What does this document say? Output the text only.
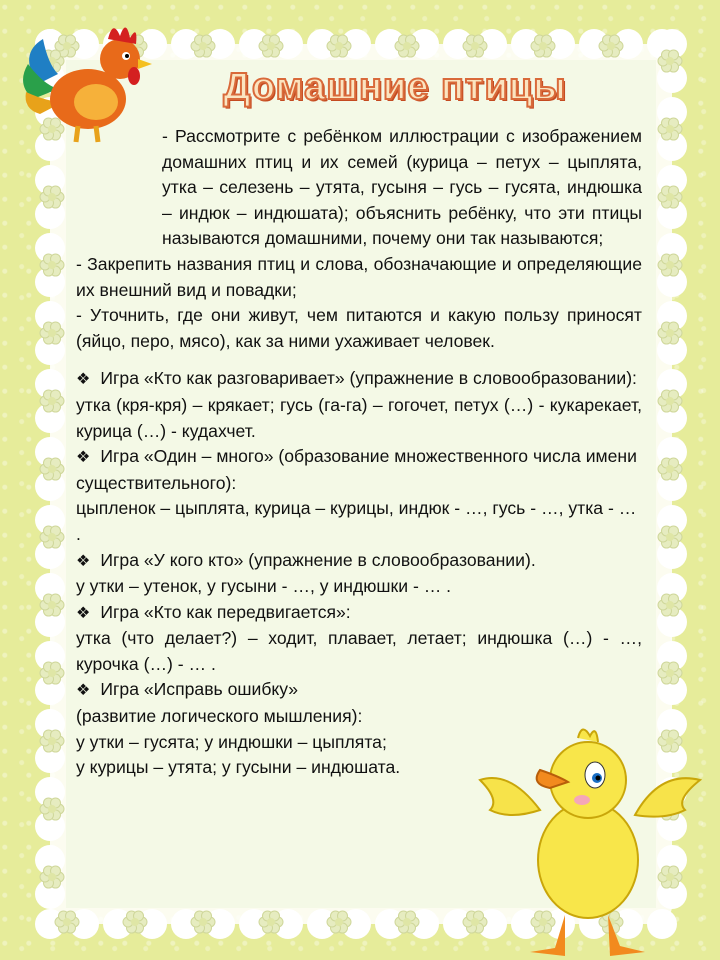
Домашние птицы

- Рассмотрите с ребёнком иллюстрации с изображением домашних птиц и их семей (курица – петух – цыплята, утка – селезень – утята, гусыня – гусь – гусята, индюшка – индюк – индюшата); объяснить ребёнку, что эти птицы называются домашними, почему они так называются;

- Закрепить названия птиц и слова, обозначающие и определяющие их внешний вид и повадки;

- Уточнить, где они живут, чем питаются и какую пользу приносят (яйцо, перо, мясо), как за ними ухаживает человек.

❖ Игра «Кто как разговаривает» (упражнение в словообразовании):

утка (кря-кря) – крякает; гусь (га-га) – гогочет, петух (…) - кукарекает, курица (…) - кудахчет.

❖ Игра «Один – много» (образование множественного числа имени существительного):

цыпленок – цыплята, курица – курицы, индюк - …, гусь - …, утка - … .

❖ Игра «У кого кто» (упражнение в словообразовании).

у утки – утенок, у гусыни - …, у индюшки - … .

❖ Игра «Кто как передвигается»:

утка (что делает?) – ходит, плавает, летает; индюшка (…) - …, курочка (…) - … .

❖ Игра «Исправь ошибку»

(развитие логического мышления):

у утки – гусята; у индюшки – цыплята;

у курицы – утята; у гусыни – индюшата.
